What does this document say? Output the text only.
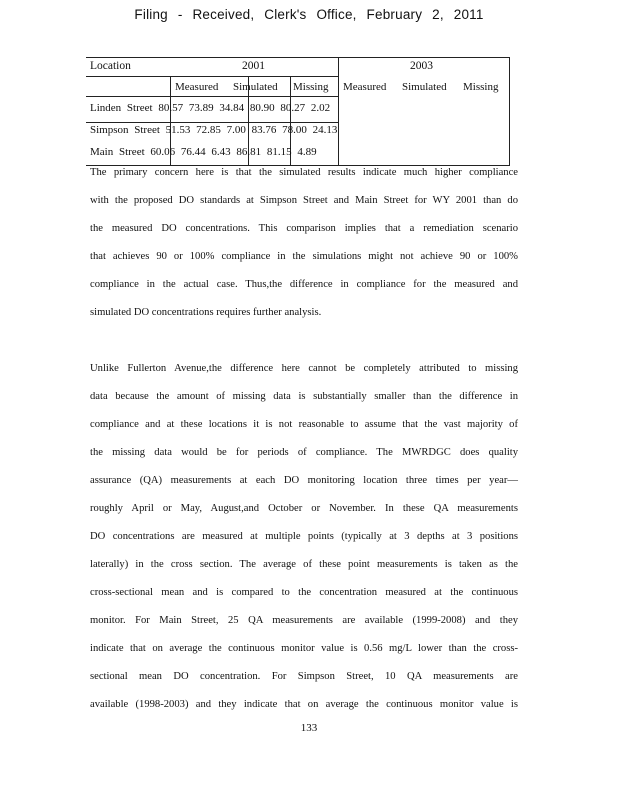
Filing - Received, Clerk's Office, February 2, 2011
Location	2001	2003
Measured Simulated Missing Measured Simulated Missing
Linden Street 80.57 73.89 34.84 80.90 80.27 2.02
Simpson Street 51.53 72.85 7.00 83.76 78.00 24.13
Main Street 60.06 76.44 6.43 86.81 81.15 4.89
The primary concern here is that the simulated results indicate much higher compliance
with the proposed DO standards at Simpson Street and Main Street for WY 2001 than do
the measured DO concentrations. This comparison implies that a remediation scenario
that achieves 90 or 100% compliance in the simulations might not achieve 90 or 100%
compliance in the actual case. Thus,the difference in compliance for the measured and
simulated DO concentrations requires further analysis.
Unlike Fullerton Avenue,the difference here cannot be completely attributed to missing
data because the amount of missing data is substantially smaller than the difference in
compliance and at these locations it is not reasonable to assume that the vast majority of
the missing data would be for periods of compliance. The MWRDGC does quality
assurance (QA) measurements at each DO monitoring location three times per year—
roughly April or May, August,and October or November. In these QA measurements
DO concentrations are measured at multiple points (typically at 3 depths at 3 positions
laterally) in the cross section. The average of these point measurements is taken as the
cross-sectional mean and is compared to the concentration measured at the continuous
monitor. For Main Street, 25 QA measurements are available (1999-2008) and they
indicate that on average the continuous monitor value is 0.56 mg/L lower than the cross-
sectional mean DO concentration. For Simpson Street, 10 QA measurements are
available (1998-2003) and they indicate that on average the continuous monitor value is
133
